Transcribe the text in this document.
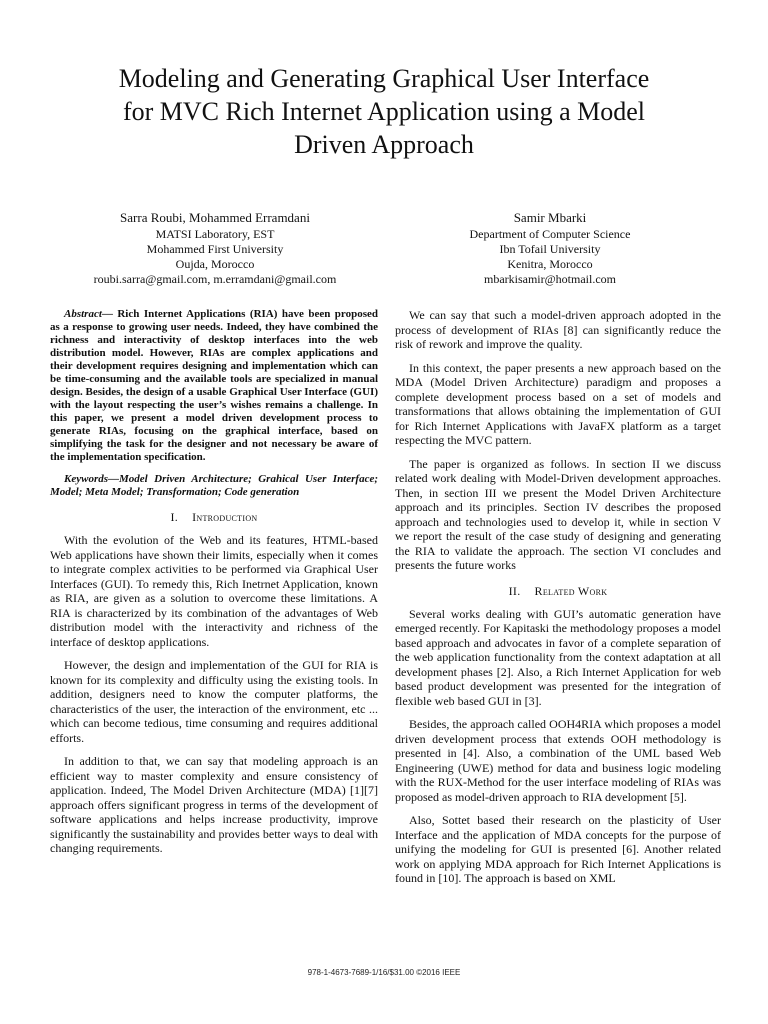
Modeling and Generating Graphical User Interface
for MVC Rich Internet Application using a Model
Driven Approach
Sarra Roubi, Mohammed Erramdani
MATSI Laboratory, EST
Mohammed First University
Oujda, Morocco
roubi.sarra@gmail.com, m.erramdani@gmail.com
Samir Mbarki
Department of Computer Science
Ibn Tofail University
Kenitra, Morocco
mbarkisamir@hotmail.com

Abstract— Rich Internet Applications (RIA) have been proposed as a response to growing user needs. Indeed, they have combined the richness and interactivity of desktop interfaces into the web distribution model. However, RIAs are complex applications and their development requires designing and implementation which can be time-consuming and the available tools are specialized in manual design. Besides, the design of a usable Graphical User Interface (GUI) with the layout respecting the user’s wishes remains a challenge. In this paper, we present a model driven development process to generate RIAs, focusing on the graphical interface, based on simplifying the task for the designer and not necessary be aware of the implementation specification.

Keywords—Model Driven Architecture; Grahical User Interface; Model; Meta Model; Transformation; Code generation

I. Introduction

With the evolution of the Web and its features, HTML-based Web applications have shown their limits, especially when it comes to integrate complex activities to be performed via Graphical User Interfaces (GUI). To remedy this, Rich Inetrnet Application, known as RIA, are given as a solution to overcome these limitations. A RIA is characterized by its combination of the advantages of Web distribution model with the interactivity and richness of the interface of desktop applications.

However, the design and implementation of the GUI for RIA is known for its complexity and difficulty using the existing tools. In addition, designers need to know the computer platforms, the characteristics of the user, the interaction of the environment, etc ... which can become tedious, time consuming and requires additional efforts.

In addition to that, we can say that modeling approach is an efficient way to master complexity and ensure consistency of application. Indeed, The Model Driven Architecture (MDA) [1][7] approach offers significant progress in terms of the development of software applications and helps increase productivity, improve significantly the sustainability and provides better ways to deal with changing requirements.

We can say that such a model-driven approach adopted in the process of development of RIAs [8] can significantly reduce the risk of rework and improve the quality.

In this context, the paper presents a new approach based on the MDA (Model Driven Architecture) paradigm and proposes a complete development process based on a set of models and transformations that allows obtaining the implementation of GUI for Rich Internet Applications with JavaFX platform as a target respecting the MVC pattern.

The paper is organized as follows. In section II we discuss related work dealing with Model-Driven development approaches. Then, in section III we present the Model Driven Architecture approach and its principles. Section IV describes the proposed approach and technologies used to develop it, while in section V we report the result of the case study of designing and generating the RIA to validate the approach. The section VI concludes and presents the future works

II. Related Work

Several works dealing with GUI’s automatic generation have emerged recently. For Kapitaski the methodology proposes a model based approach and advocates in favor of a complete separation of the web application functionality from the context adaptation at all development phases [2]. Also, a Rich Internet Application for web based product development was presented for the integration of flexible web based GUI in [3].

Besides, the approach called OOH4RIA which proposes a model driven development process that extends OOH methodology is presented in [4]. Also, a combination of the UML based Web Engineering (UWE) method for data and business logic modeling with the RUX-Method for the user interface modeling of RIAs was proposed as model-driven approach to RIA development [5].

Also, Sottet based their research on the plasticity of User Interface and the application of MDA concepts for the purpose of unifying the modeling for GUI is presented [6]. Another related work on applying MDA approach for Rich Internet Applications is found in [10]. The approach is based on XML

978-1-4673-7689-1/16/$31.00 ©2016 IEEE
